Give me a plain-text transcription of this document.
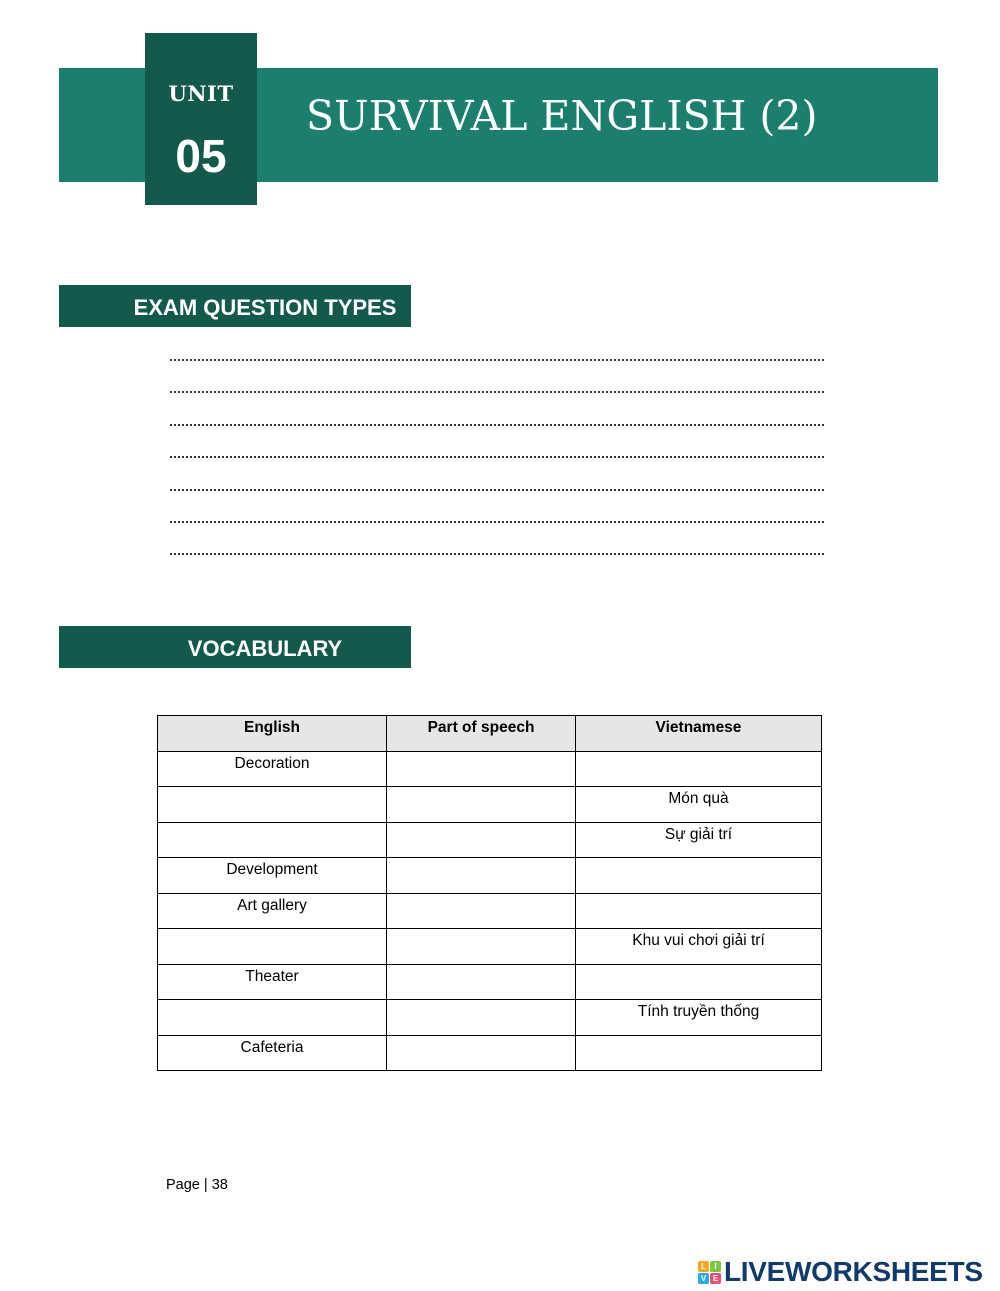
UNIT
05
SURVIVAL ENGLISH (2)
EXAM QUESTION TYPES
VOCABULARY
English	Part of speech	Vietnamese
Decoration		
		Món quà
		Sự giải trí
Development		
Art gallery		
		Khu vui chơi giải trí
Theater		
		Tính truyền thống
Cafeteria		
Page | 38
L	I
V E LIVEWORKSHEETS
